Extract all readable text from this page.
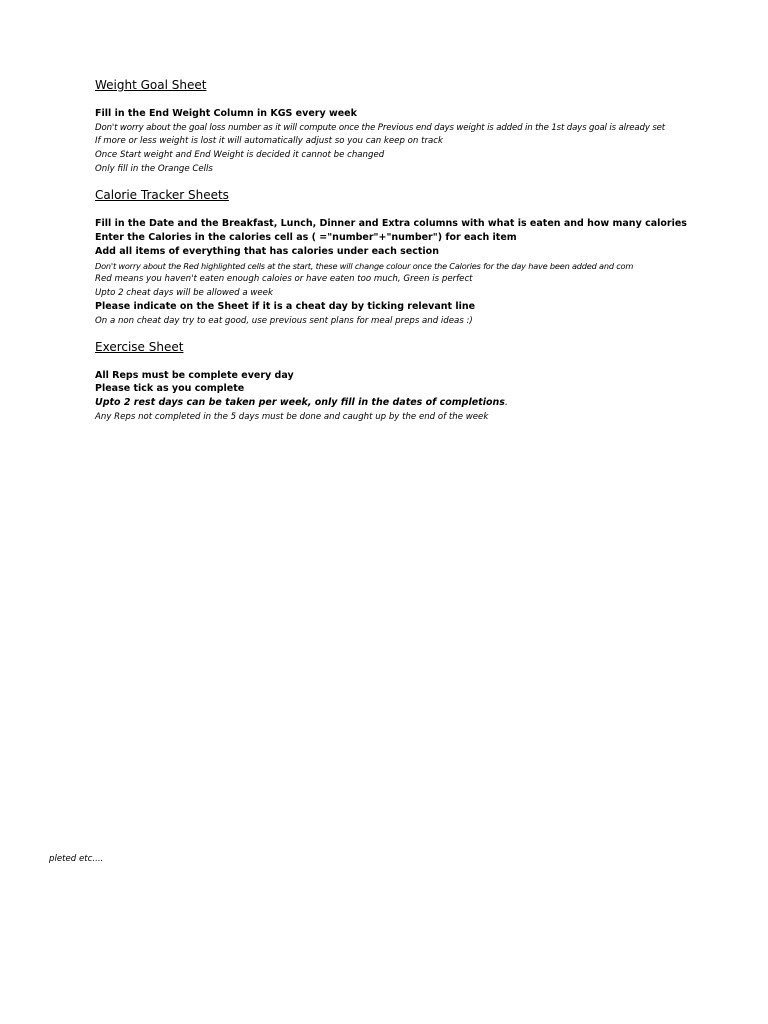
Weight Goal Sheet
Fill in the End Weight Column in KGS every week
Don't worry about the goal loss number as it will compute once the Previous end days weight is added in the 1st days goal is already set
If more or less weight is lost it will automatically adjust so you can keep on track
Once Start weight and End Weight is decided it cannot be changed
Only fill in the Orange Cells
Calorie Tracker Sheets
Fill in the Date and the Breakfast, Lunch, Dinner and Extra columns with what is eaten and how many calories
Enter the Calories in the calories cell as ( ="number"+"number") for each item
Add all items of everything that has calories under each section
Don't worry about the Red highlighted cells at the start, these will change colour once the Calories for the day have been added and com
Red means you haven't eaten enough caloies or have eaten too much, Green is perfect
Upto 2 cheat days will be allowed a week
Please indicate on the Sheet if it is a cheat day by ticking relevant line
On a non cheat day try to eat good, use previous sent plans for meal preps and ideas :)
Exercise Sheet
All Reps must be complete every day
Please tick as you complete
Upto 2 rest days can be taken per week, only fill in the dates of completions.
Any Reps not completed in the 5 days must be done and caught up by the end of the week
pleted etc....
